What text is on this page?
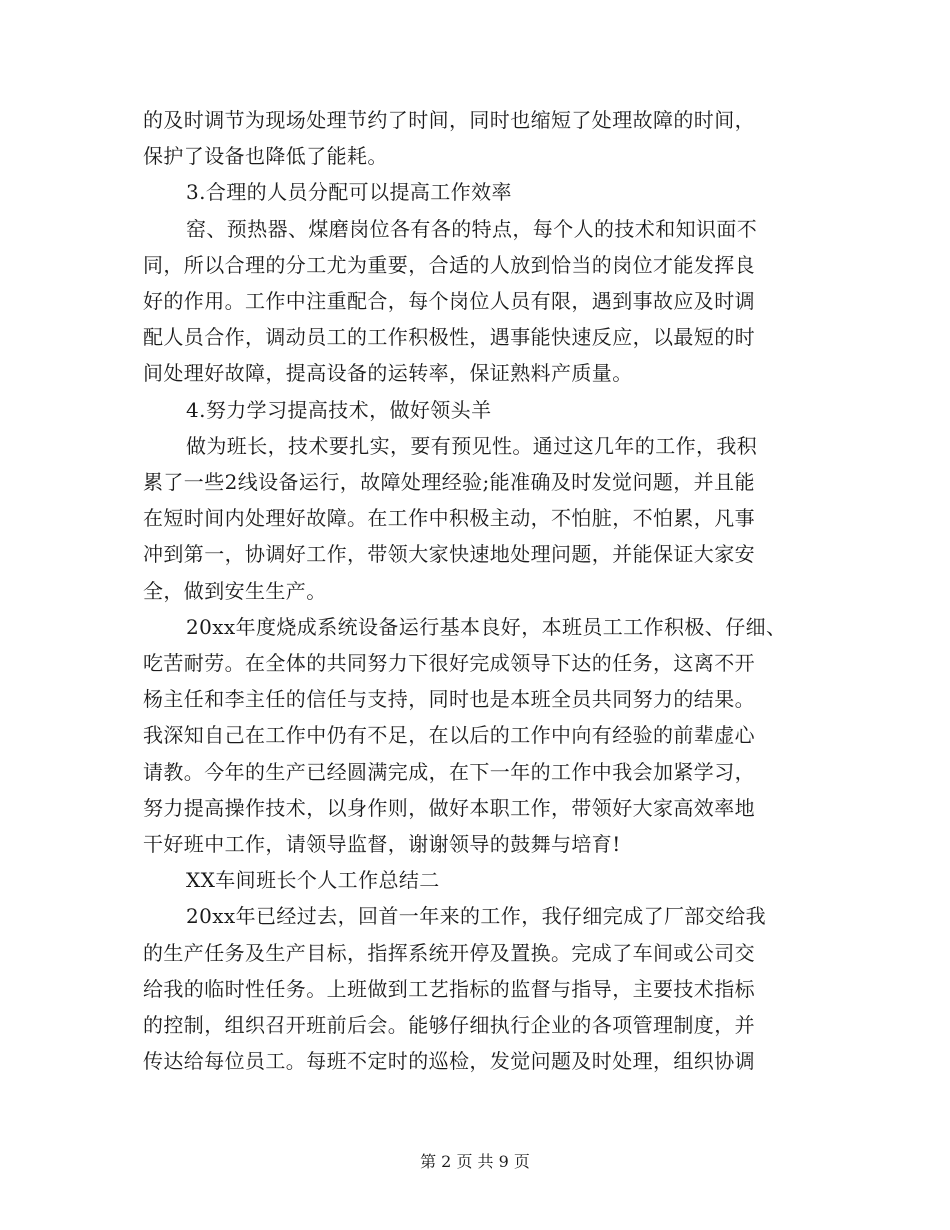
的及时调节为现场处理节约了时间，同时也缩短了处理故障的时间，
保护了设备也降低了能耗。
3.合理的人员分配可以提高工作效率
窑、预热器、煤磨岗位各有各的特点，每个人的技术和知识面不
同，所以合理的分工尤为重要，合适的人放到恰当的岗位才能发挥良
好的作用。工作中注重配合，每个岗位人员有限，遇到事故应及时调
配人员合作，调动员工的工作积极性，遇事能快速反应，以最短的时
间处理好故障，提高设备的运转率，保证熟料产质量。
4.努力学习提高技术，做好领头羊
做为班长，技术要扎实，要有预见性。通过这几年的工作，我积
累了一些2线设备运行，故障处理经验;能准确及时发觉问题，并且能
在短时间内处理好故障。在工作中积极主动，不怕脏，不怕累，凡事
冲到第一，协调好工作，带领大家快速地处理问题，并能保证大家安
全，做到安生生产。
20xx年度烧成系统设备运行基本良好，本班员工工作积极、仔细、
吃苦耐劳。在全体的共同努力下很好完成领导下达的任务，这离不开
杨主任和李主任的信任与支持，同时也是本班全员共同努力的结果。
我深知自己在工作中仍有不足，在以后的工作中向有经验的前辈虚心
请教。今年的生产已经圆满完成，在下一年的工作中我会加紧学习，
努力提高操作技术，以身作则，做好本职工作，带领好大家高效率地
干好班中工作，请领导监督，谢谢领导的鼓舞与培育!
XX车间班长个人工作总结二
20xx年已经过去，回首一年来的工作，我仔细完成了厂部交给我
的生产任务及生产目标，指挥系统开停及置换。完成了车间或公司交
给我的临时性任务。上班做到工艺指标的监督与指导，主要技术指标
的控制，组织召开班前后会。能够仔细执行企业的各项管理制度，并
传达给每位员工。每班不定时的巡检，发觉问题及时处理，组织协调
第 2 页 共 9 页
